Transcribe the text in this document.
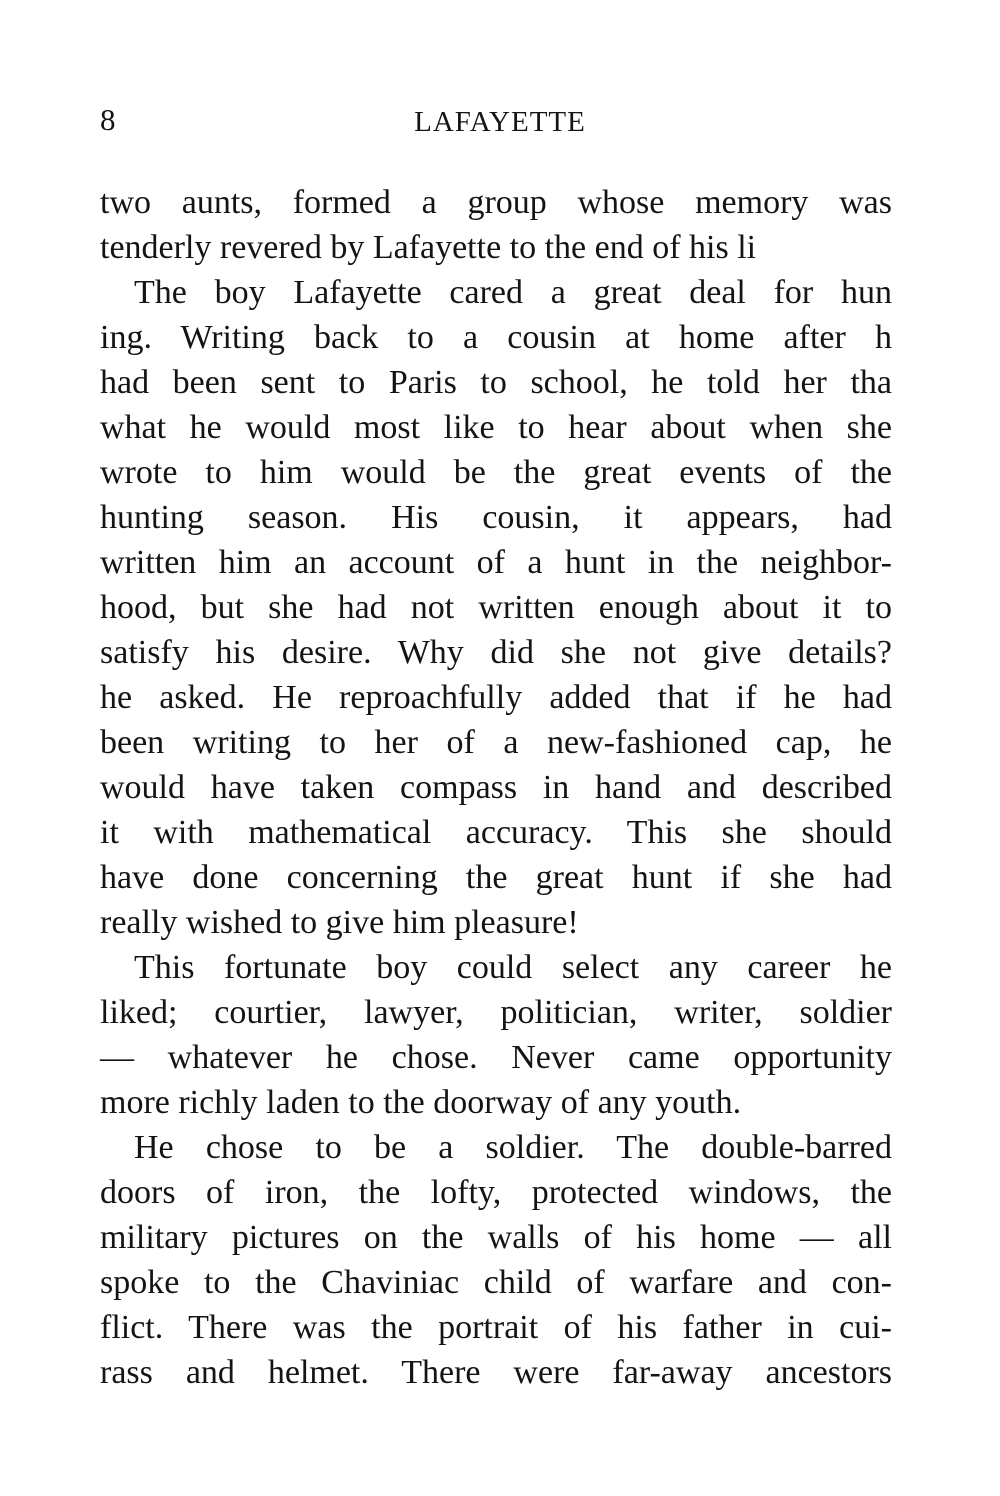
8	LAFAYETTE
two aunts, formed a group whose memory was
tenderly revered by Lafayette to the end of his li
The boy Lafayette cared a great deal for hun
ing. Writing back to a cousin at home after h
had been sent to Paris to school, he told her tha
what he would most like to hear about when she
wrote to him would be the great events of the
hunting season. His cousin, it appears, had
written him an account of a hunt in the neighbor-
hood, but she had not written enough about it to
satisfy his desire. Why did she not give details?
he asked. He reproachfully added that if he had
been writing to her of a new-fashioned cap, he
would have taken compass in hand and described
it with mathematical accuracy. This she should
have done concerning the great hunt if she had
really wished to give him pleasure!
This fortunate boy could select any career he
liked; courtier, lawyer, politician, writer, soldier
— whatever he chose. Never came opportunity
more richly laden to the doorway of any youth.
He chose to be a soldier. The double-barred
doors of iron, the lofty, protected windows, the
military pictures on the walls of his home — all
spoke to the Chaviniac child of warfare and con-
flict. There was the portrait of his father in cui-
rass and helmet. There were far-away ancestors
